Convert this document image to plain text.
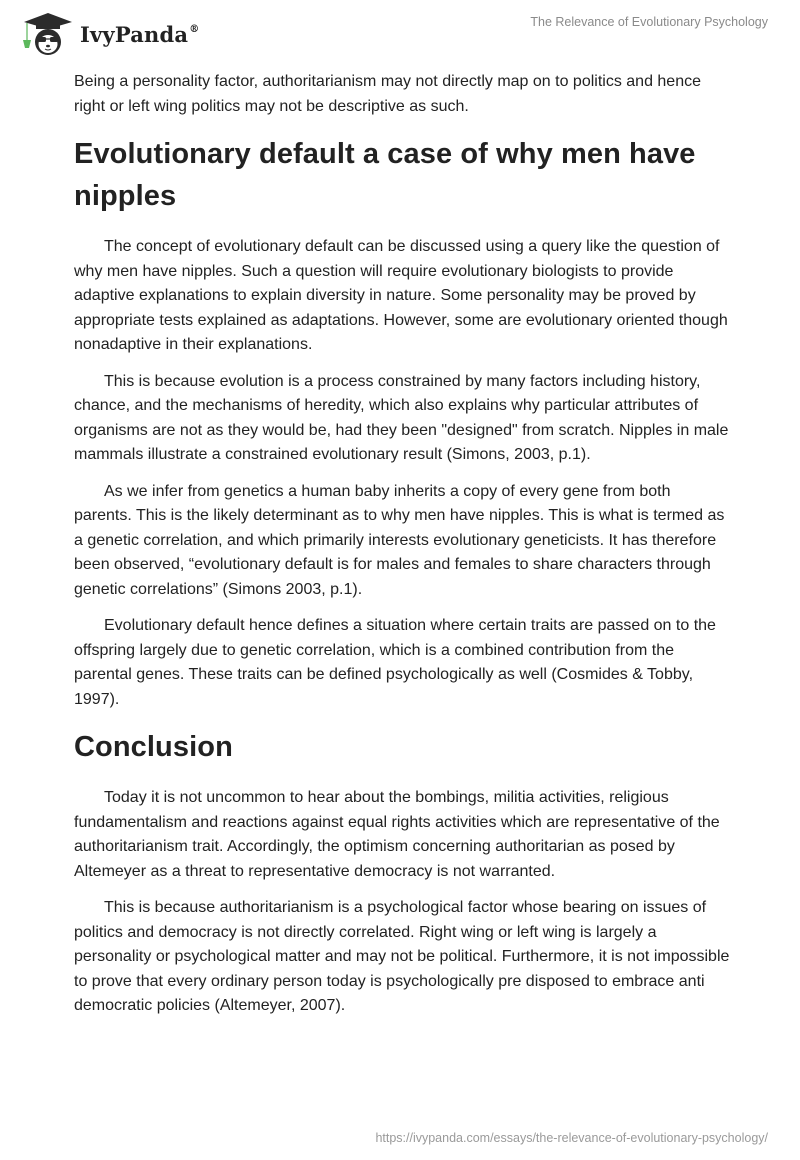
IvyPanda®	The Relevance of Evolutionary Psychology

Being a personality factor, authoritarianism may not directly map on to politics and hence right or left wing politics may not be descriptive as such.

Evolutionary default a case of why men have nipples

The concept of evolutionary default can be discussed using a query like the question of why men have nipples. Such a question will require evolutionary biologists to provide adaptive explanations to explain diversity in nature. Some personality may be proved by appropriate tests explained as adaptations. However, some are evolutionary oriented though nonadaptive in their explanations.

This is because evolution is a process constrained by many factors including history, chance, and the mechanisms of heredity, which also explains why particular attributes of organisms are not as they would be, had they been "designed" from scratch. Nipples in male mammals illustrate a constrained evolutionary result (Simons, 2003, p.1).

As we infer from genetics a human baby inherits a copy of every gene from both parents. This is the likely determinant as to why men have nipples. This is what is termed as a genetic correlation, and which primarily interests evolutionary geneticists. It has therefore been observed, “evolutionary default is for males and females to share characters through genetic correlations” (Simons 2003, p.1).

Evolutionary default hence defines a situation where certain traits are passed on to the offspring largely due to genetic correlation, which is a combined contribution from the parental genes. These traits can be defined psychologically as well (Cosmides & Tobby, 1997).

Conclusion

Today it is not uncommon to hear about the bombings, militia activities, religious fundamentalism and reactions against equal rights activities which are representative of the authoritarianism trait. Accordingly, the optimism concerning authoritarian as posed by Altemeyer as a threat to representative democracy is not warranted.

This is because authoritarianism is a psychological factor whose bearing on issues of politics and democracy is not directly correlated. Right wing or left wing is largely a personality or psychological matter and may not be political. Furthermore, it is not impossible to prove that every ordinary person today is psychologically pre disposed to embrace anti democratic policies (Altemeyer, 2007).

https://ivypanda.com/essays/the-relevance-of-evolutionary-psychology/
